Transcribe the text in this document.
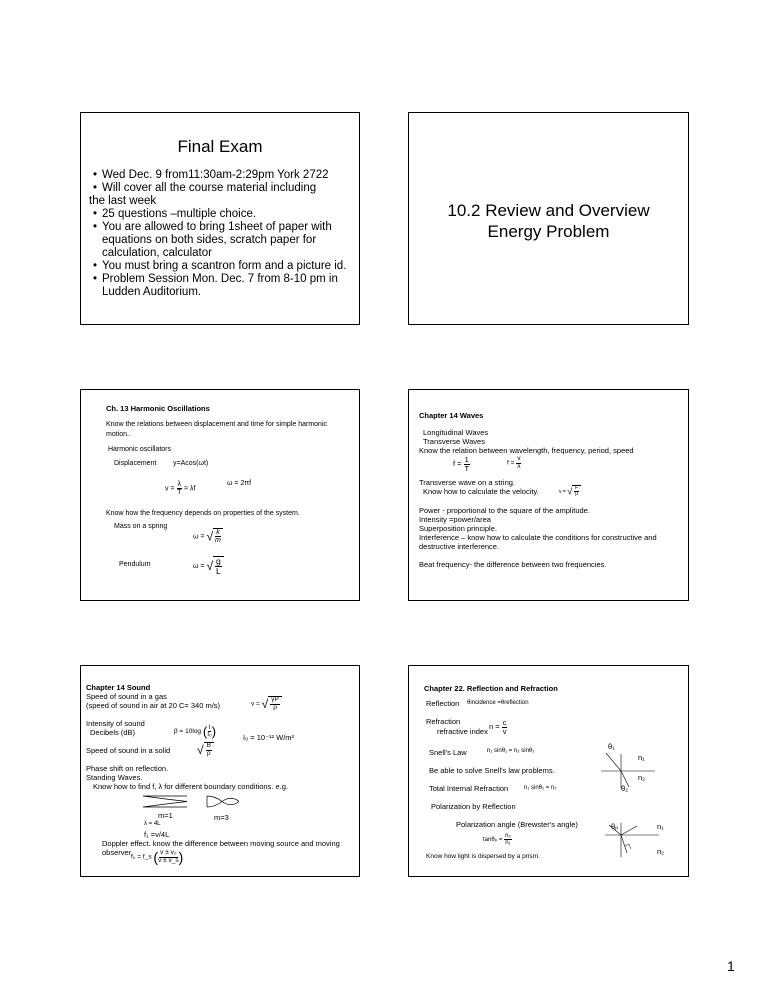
Final Exam
• Wed Dec. 9 from11:30am-2:29pm York 2722
• Will cover all the course material including
the last week
• 25 questions –multiple choice.
• You are allowed to bring 1sheet of paper with
equations on both sides, scratch paper for
calculation, calculator
• You must bring a scantron form and a picture id.
• Problem Session Mon. Dec. 7 from 8-10 pm in
Ludden Auditorium.
10.2 Review and Overview
Energy Problem
Ch. 13 Harmonic Oscillations
Know the relations between displacement and time for simple harmonic
motion..
Harmonic oscillators
Displacement y=Acos(ωt)
$v = \frac{\lambda}{T} = \lambda f$
ω = 2πf
Know how the frequency depends on properties of the system.
Mass on a spring
ω = √ $\frac{k}{m}$
Pendulum	ω = √ $\frac{g}{L}$
Chapter 14 Waves
Longitudinal Waves
Transverse Waves
Know the relation between wavelength, frequency, period, speed
$f = \frac{1}{T}$	$f = \frac{v}{\lambda}$
Transverse wave on a string.
Know how to calculate the velocity.	v = √ $\frac{F}{\mu}$
Power - proportional to the square of the amplitude.
Intensity =power/area
Superposition principle.
Interference – know how to calculate the conditions for constructive and
destructive interference.
Beat frequency- the difference between two frequencies.
Chapter 14 Sound
Speed of sound in a gas
(speed of sound in air at 20 C= 340 m/s)	v = √ $\frac{\gamma P}{\rho}$
Intensity of sound
Decibels (dB)	β = 10log ( $\frac{I}{\text{I₀}}$ )	I₀ = 10⁻¹² W/m²
Speed of sound in a solid √ $\frac{B}{\rho}$
Phase shift on reflection.
Standing Waves.
Know how to find f, λ for different boundary conditions. e.g.
m=1	m=3
λ = 4L
f₁ =v/4L
Doppler effect. know the difference between moving source and moving
observer.
f₀ = f_s ( $\frac{\text{v ± v₀}}{v \pm v\_s}$ )
Chapter 22. Reflection and Refraction
Reflection θincidence =θreflection
Refraction
refractive index
$n = \frac{c}{v}$
Snell's Law	n₁ sinθ₁ = n₂ sinθ₂
Be able to solve Snell's law problems.
Total Internal Refraction	n₁ sinθ₁ = n₂
θ₁
n₁
n₂
θ₂
Polarization by Reflection
Polarization angle (Brewster's angle)
$\tan\theta_p = \frac{\text{n₂}}{\text{n₁}}$
θₚ	n₁
n₂
Know how light is dispersed by a prism.
1
